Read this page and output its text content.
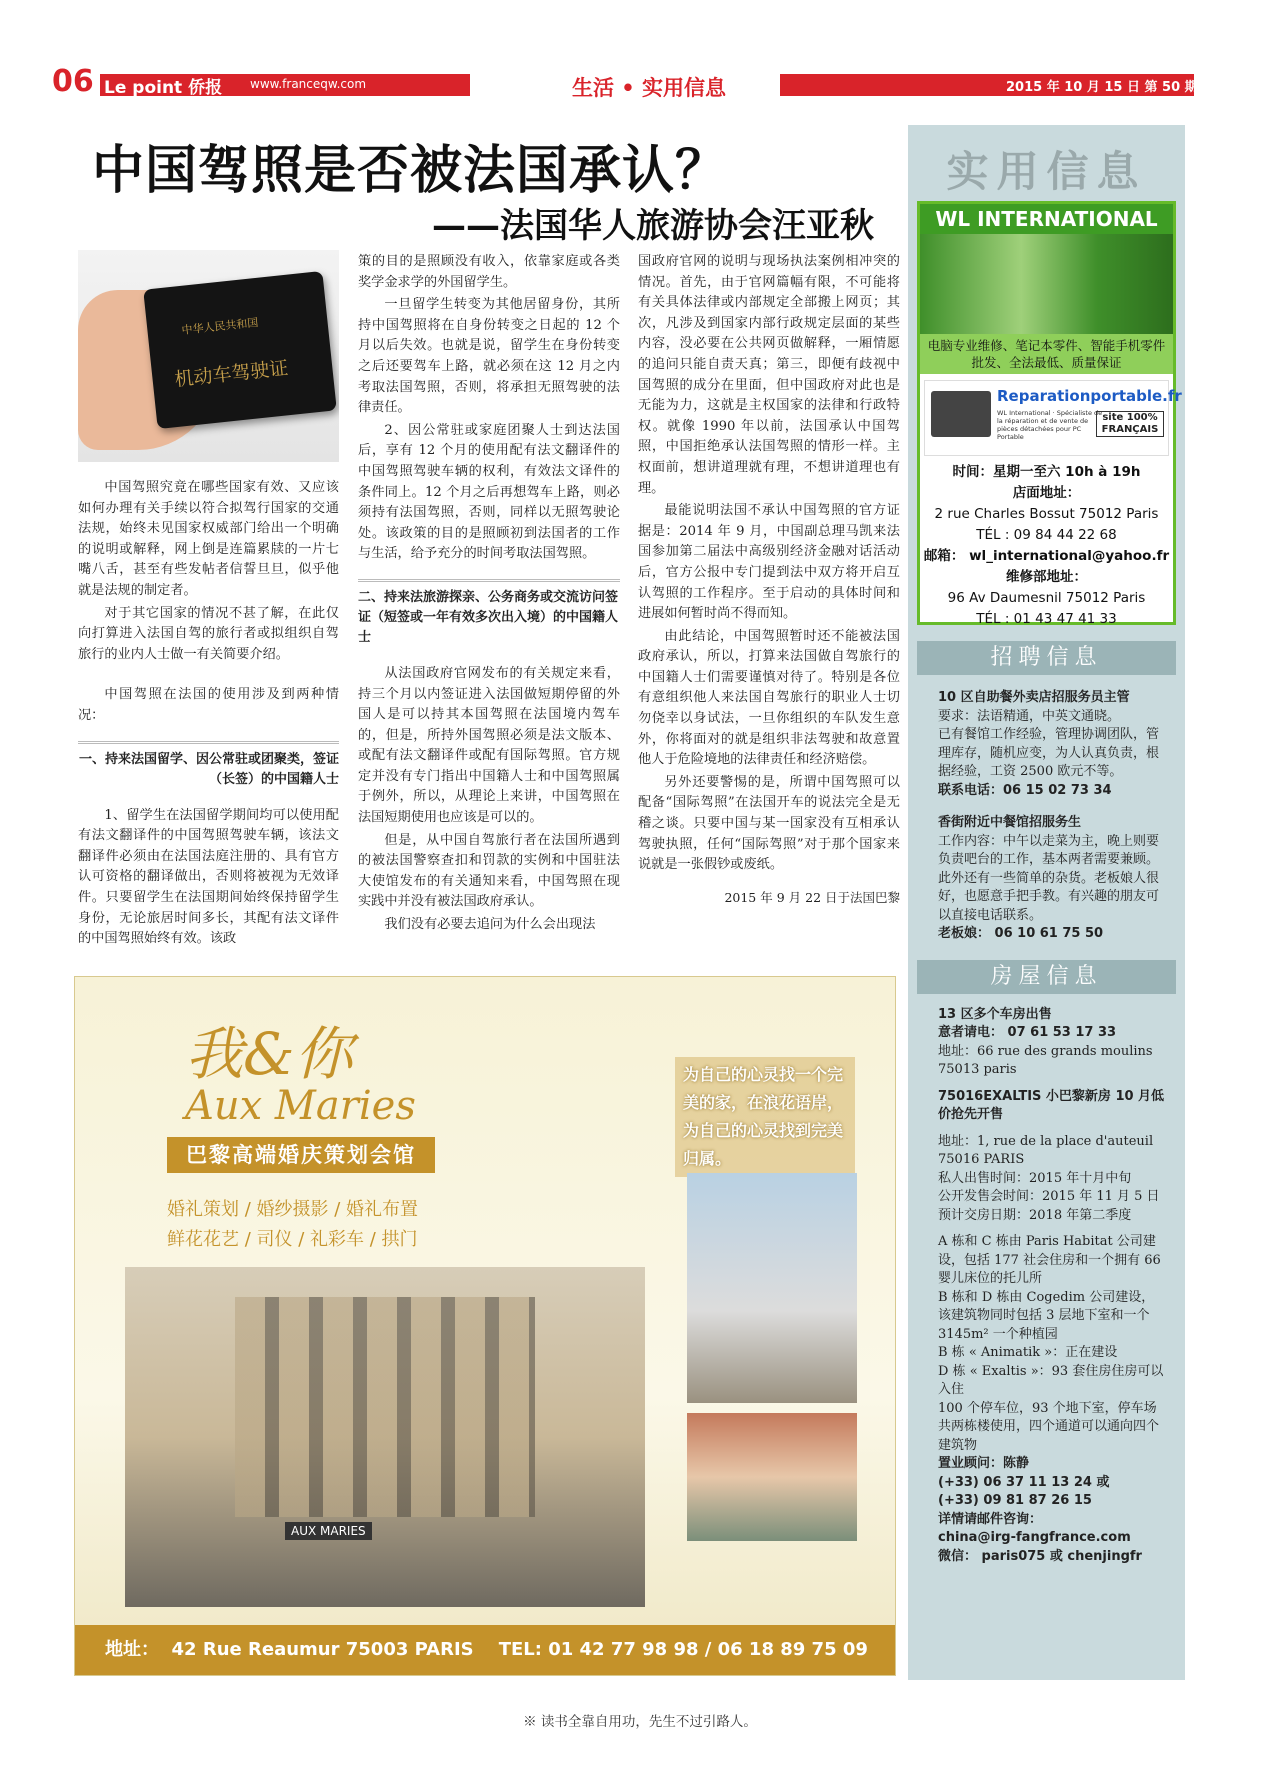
06 Le point 侨报 www.franceqw.com	生活 • 实用信息	2015 年 10 月 15 日 第 50 期
中国驾照是否被法国承认？
——法国华人旅游协会汪亚秋
中华人民共和国
机动车驾驶证

中国驾照究竟在哪些国家有效、又应该如何办理有关手续以符合拟驾行国家的交通法规，始终未见国家权威部门给出一个明确的说明或解释，网上倒是连篇累牍的一片七嘴八舌，甚至有些发帖者信誓旦旦，似乎他就是法规的制定者。

对于其它国家的情况不甚了解，在此仅向打算进入法国自驾的旅行者或拟组织自驾旅行的业内人士做一有关简要介绍。

中国驾照在法国的使用涉及到两种情况：

一、持来法国留学、因公常驻或团聚类，签证（长签）的中国籍人士

1、留学生在法国留学期间均可以使用配有法文翻译件的中国驾照驾驶车辆，该法文翻译件必须由在法国法庭注册的、具有官方认可资格的翻译做出，否则将被视为无效译件。只要留学生在法国期间始终保持留学生身份，无论旅居时间多长，其配有法文译件的中国驾照始终有效。该政

策的目的是照顾没有收入，依靠家庭或各类奖学金求学的外国留学生。

一旦留学生转变为其他居留身份，其所持中国驾照将在自身份转变之日起的 12 个月以后失效。也就是说，留学生在身份转变之后还要驾车上路，就必须在这 12 月之内考取法国驾照，否则，将承担无照驾驶的法律责任。

2、因公常驻或家庭团聚人士到达法国后，享有 12 个月的使用配有法文翻译件的中国驾照驾驶车辆的权利，有效法文译件的条件同上。12 个月之后再想驾车上路，则必须持有法国驾照，否则，同样以无照驾驶论处。该政策的目的是照顾初到法国者的工作与生活，给予充分的时间考取法国驾照。

二、持来法旅游探亲、公务商务或交流访问签证（短签或一年有效多次出入境）的中国籍人士

从法国政府官网发布的有关规定来看，持三个月以内签证进入法国做短期停留的外国人是可以持其本国驾照在法国境内驾车的，但是，所持外国驾照必须是法文版本、或配有法文翻译件或配有国际驾照。官方规定并没有专门指出中国籍人士和中国驾照属于例外，所以，从理论上来讲，中国驾照在法国短期使用也应该是可以的。

但是，从中国自驾旅行者在法国所遇到的被法国警察查扣和罚款的实例和中国驻法大使馆发布的有关通知来看，中国驾照在现实践中并没有被法国政府承认。

我们没有必要去追问为什么会出现法

国政府官网的说明与现场执法案例相冲突的情况。首先，由于官网篇幅有限，不可能将有关具体法律或内部规定全部搬上网页；其次，凡涉及到国家内部行政规定层面的某些内容，没必要在公共网页做解释，一厢情愿的追问只能自责天真；第三，即便有歧视中国驾照的成分在里面，但中国政府对此也是无能为力，这就是主权国家的法律和行政特权。就像 1990 年以前，法国承认中国驾照，中国拒绝承认法国驾照的情形一样。主权面前，想讲道理就有理，不想讲道理也有理。

最能说明法国不承认中国驾照的官方证据是：2014 年 9 月，中国副总理马凯来法国参加第二届法中高级别经济金融对话活动后，官方公报中专门提到法中双方将开启互认驾照的工作程序。至于启动的具体时间和进展如何暂时尚不得而知。

由此结论，中国驾照暂时还不能被法国政府承认，所以，打算来法国做自驾旅行的中国籍人士们需要谨慎对待了。特别是各位有意组织他人来法国自驾旅行的职业人士切勿侥幸以身试法，一旦你组织的车队发生意外，你将面对的就是组织非法驾驶和故意置他人于危险境地的法律责任和经济赔偿。

另外还要警惕的是，所谓中国驾照可以配备“国际驾照”在法国开车的说法完全是无稽之谈。只要中国与某一国家没有互相承认驾驶执照，任何“国际驾照”对于那个国家来说就是一张假钞或废纸。

2015 年 9 月 22 日于法国巴黎
我&你
Aux Maries
巴黎高端婚庆策划会馆
婚礼策划 / 婚纱摄影 / 婚礼布置
鲜花花艺 / 司仪 / 礼彩车 / 拱门
为自己的心灵找一个完美的家，在浪花语岸，为自己的心灵找到完美归属。
AUX MARIES
地址：  42 Rue Reaumur 75003 PARIS    TEL: 01 42 77 98 98 / 06 18 89 75 09
实用信息
WL INTERNATIONAL
电脑专业维修、笔记本零件、智能手机零件批发、全法最低、质量保证
Reparationportable.fr
WL International · Spécialiste de la réparation et de vente de pièces détachées pour PC Portable
site 100% FRANÇAIS
时间：星期一至六 10h à 19h
店面地址：
2 rue Charles Bossut 75012 Paris
TÉL : 09 84 44 22 68
邮箱： wl_international@yahoo.fr
维修部地址：
96 Av Daumesnil 75012 Paris
TÉL : 01 43 47 41 33
招聘信息

10 区自助餐外卖店招服务员主管

要求：法语精通，中英文通晓。

已有餐馆工作经验，管理协调团队，管理库存，随机应变，为人认真负责，根据经验，工资 2500 欧元不等。

联系电话：06 15 02 73 34

香街附近中餐馆招服务生

工作内容：中午以走菜为主，晚上则要负责吧台的工作，基本两者需要兼顾。此外还有一些简单的杂货。老板娘人很好，也愿意手把手教。有兴趣的朋友可以直接电话联系。

老板娘： 06 10 61 75 50

房屋信息

13 区多个车房出售

意者请电： 07 61 53 17 33

地址：66 rue des grands moulins 75013 paris

75016EXALTIS 小巴黎新房 10 月低价抢先开售

地址：1, rue de la place d'auteuil 75016 PARIS

私人出售时间：2015 年十月中旬

公开发售会时间：2015 年 11 月 5 日

预计交房日期：2018 年第二季度

A 栋和 C 栋由 Paris Habitat 公司建设，包括 177 社会住房和一个拥有 66 婴儿床位的托儿所

B 栋和 D 栋由 Cogedim 公司建设，该建筑物同时包括 3 层地下室和一个 3145m² 一个种植园

B 栋 « Animatik »：正在建设

D 栋 « Exaltis »：93 套住房住房可以入住

100 个停车位，93 个地下室，停车场共两栋楼使用，四个通道可以通向四个建筑物

置业顾问：陈静

(+33) 06 37 11 13 24 或

(+33) 09 81 87 26 15

详情请邮件咨询：

china@irg-fangfrance.com

微信： paris075 或 chenjingfr

※ 读书全靠自用功，先生不过引路人。
